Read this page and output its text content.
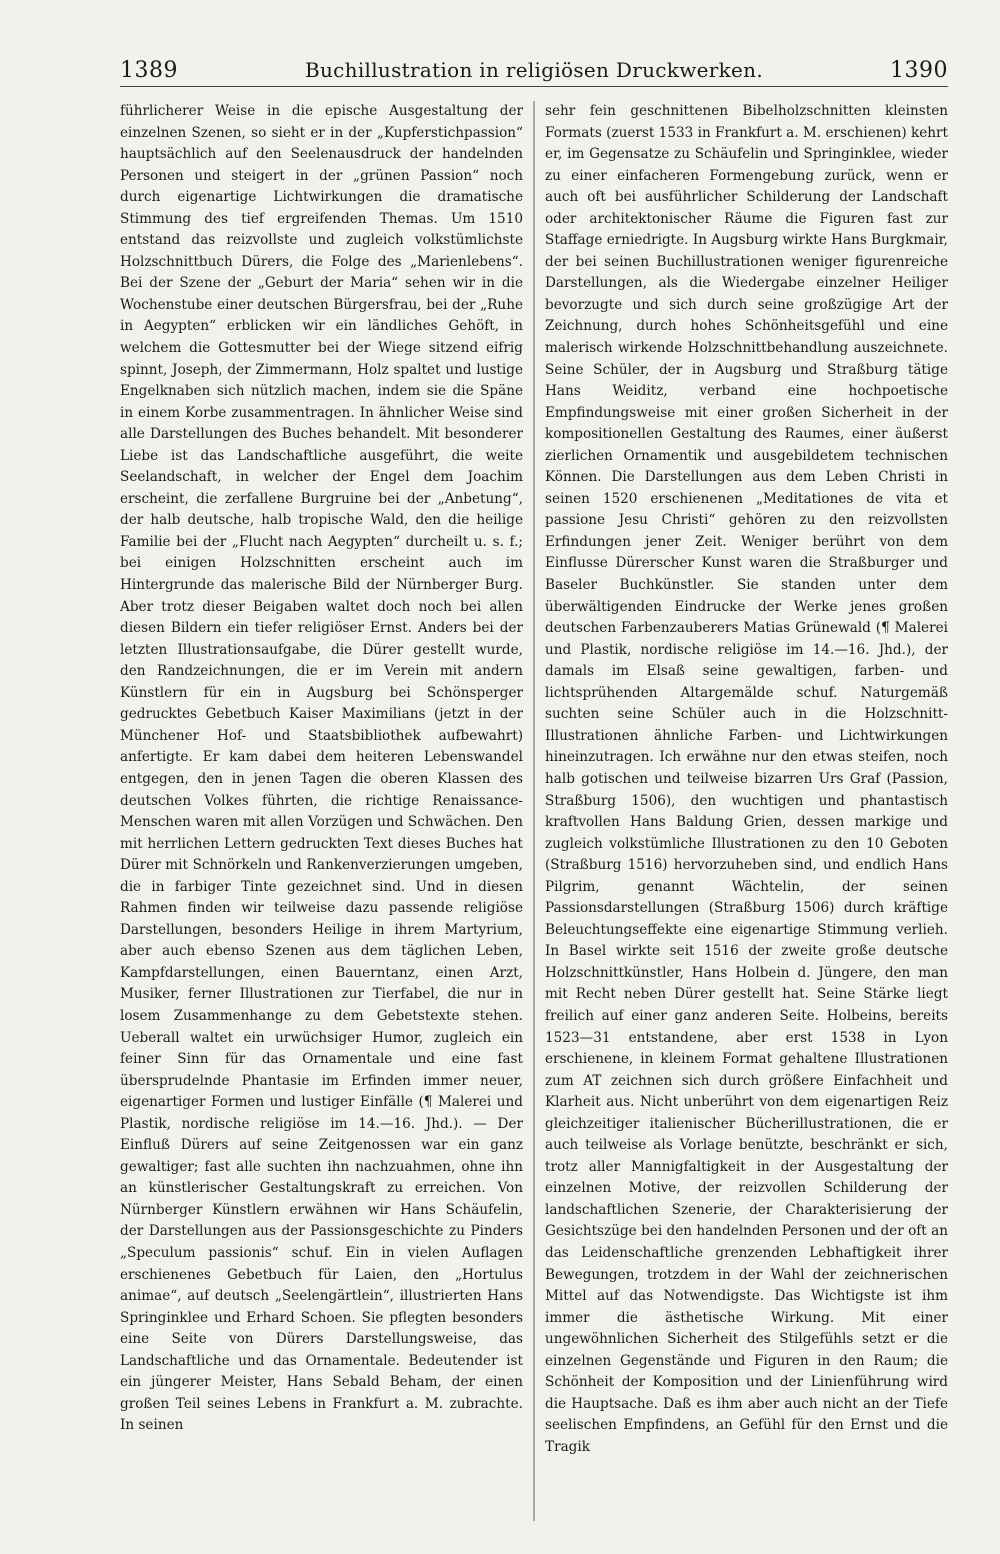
1389	Buchillustration in religiösen Druckwerken.	1390

führlicherer Weise in die epische Ausgestaltung der einzelnen Szenen, so sieht er in der „Kupferstichpassion“ hauptsächlich auf den Seelenausdruck der handelnden Personen und steigert in der „grünen Passion“ noch durch eigenartige Lichtwirkungen die dramatische Stimmung des tief ergreifenden Themas. Um 1510 entstand das reizvollste und zugleich volkstümlichste Holzschnittbuch Dürers, die Folge des „Marienlebens“. Bei der Szene der „Geburt der Maria“ sehen wir in die Wochenstube einer deutschen Bürgersfrau, bei der „Ruhe in Aegypten“ erblicken wir ein ländliches Gehöft, in welchem die Gottesmutter bei der Wiege sitzend eifrig spinnt, Joseph, der Zimmermann, Holz spaltet und lustige Engelknaben sich nützlich machen, indem sie die Späne in einem Korbe zusammentragen. In ähnlicher Weise sind alle Darstellungen des Buches behandelt. Mit besonderer Liebe ist das Landschaftliche ausgeführt, die weite Seelandschaft, in welcher der Engel dem Joachim erscheint, die zerfallene Burgruine bei der „Anbetung“, der halb deutsche, halb tropische Wald, den die heilige Familie bei der „Flucht nach Aegypten“ durcheilt u. s. f.; bei einigen Holzschnitten erscheint auch im Hintergrunde das malerische Bild der Nürnberger Burg. Aber trotz dieser Beigaben waltet doch noch bei allen diesen Bildern ein tiefer religiöser Ernst. Anders bei der letzten Illustrationsaufgabe, die Dürer gestellt wurde, den Randzeichnungen, die er im Verein mit andern Künstlern für ein in Augsburg bei Schönsperger gedrucktes Gebetbuch Kaiser Maximilians (jetzt in der Münchener Hof- und Staatsbibliothek aufbewahrt) anfertigte. Er kam dabei dem heiteren Lebenswandel entgegen, den in jenen Tagen die oberen Klassen des deutschen Volkes führten, die richtige Renaissance-Menschen waren mit allen Vorzügen und Schwächen. Den mit herrlichen Lettern gedruckten Text dieses Buches hat Dürer mit Schnörkeln und Rankenverzierungen umgeben, die in farbiger Tinte gezeichnet sind. Und in diesen Rahmen finden wir teilweise dazu passende religiöse Darstellungen, besonders Heilige in ihrem Martyrium, aber auch ebenso Szenen aus dem täglichen Leben, Kampfdarstellungen, einen Bauerntanz, einen Arzt, Musiker, ferner Illustrationen zur Tierfabel, die nur in losem Zusammenhange zu dem Gebetstexte stehen. Ueberall waltet ein urwüchsiger Humor, zugleich ein feiner Sinn für das Ornamentale und eine fast übersprudelnde Phantasie im Erfinden immer neuer, eigenartiger Formen und lustiger Einfälle (¶ Malerei und Plastik, nordische religiöse im 14.—16. Jhd.). — Der Einfluß Dürers auf seine Zeitgenossen war ein ganz gewaltiger; fast alle suchten ihn nachzuahmen, ohne ihn an künstlerischer Gestaltungskraft zu erreichen. Von Nürnberger Künstlern erwähnen wir Hans Schäufelin, der Darstellungen aus der Passionsgeschichte zu Pinders „Speculum passionis“ schuf. Ein in vielen Auflagen erschienenes Gebetbuch für Laien, den „Hortulus animae“, auf deutsch „Seelengärtlein“, illustrierten Hans Springinklee und Erhard Schoen. Sie pflegten besonders eine Seite von Dürers Darstellungsweise, das Landschaftliche und das Ornamentale. Bedeutender ist ein jüngerer Meister, Hans Sebald Beham, der einen großen Teil seines Lebens in Frankfurt a. M. zubrachte. In seinen

sehr fein geschnittenen Bibelholzschnitten kleinsten Formats (zuerst 1533 in Frankfurt a. M. erschienen) kehrt er, im Gegensatze zu Schäufelin und Springinklee, wieder zu einer einfacheren Formengebung zurück, wenn er auch oft bei ausführlicher Schilderung der Landschaft oder architektonischer Räume die Figuren fast zur Staffage erniedrigte. In Augsburg wirkte Hans Burgkmair, der bei seinen Buchillustrationen weniger figurenreiche Darstellungen, als die Wiedergabe einzelner Heiliger bevorzugte und sich durch seine großzügige Art der Zeichnung, durch hohes Schönheitsgefühl und eine malerisch wirkende Holzschnittbehandlung auszeichnete. Seine Schüler, der in Augsburg und Straßburg tätige Hans Weiditz, verband eine hochpoetische Empfindungsweise mit einer großen Sicherheit in der kompositionellen Gestaltung des Raumes, einer äußerst zierlichen Ornamentik und ausgebildetem technischen Können. Die Darstellungen aus dem Leben Christi in seinen 1520 erschienenen „Meditationes de vita et passione Jesu Christi“ gehören zu den reizvollsten Erfindungen jener Zeit. Weniger berührt von dem Einflusse Dürerscher Kunst waren die Straßburger und Baseler Buchkünstler. Sie standen unter dem überwältigenden Eindrucke der Werke jenes großen deutschen Farbenzauberers Matias Grünewald (¶ Malerei und Plastik, nordische religiöse im 14.—16. Jhd.), der damals im Elsaß seine gewaltigen, farben- und lichtsprühenden Altargemälde schuf. Naturgemäß suchten seine Schüler auch in die Holzschnitt-Illustrationen ähnliche Farben- und Lichtwirkungen hineinzutragen. Ich erwähne nur den etwas steifen, noch halb gotischen und teilweise bizarren Urs Graf (Passion, Straßburg 1506), den wuchtigen und phantastisch kraftvollen Hans Baldung Grien, dessen markige und zugleich volkstümliche Illustrationen zu den 10 Geboten (Straßburg 1516) hervorzuheben sind, und endlich Hans Pilgrim, genannt Wächtelin, der seinen Passionsdarstellungen (Straßburg 1506) durch kräftige Beleuchtungseffekte eine eigenartige Stimmung verlieh. In Basel wirkte seit 1516 der zweite große deutsche Holzschnittkünstler, Hans Holbein d. Jüngere, den man mit Recht neben Dürer gestellt hat. Seine Stärke liegt freilich auf einer ganz anderen Seite. Holbeins, bereits 1523—31 entstandene, aber erst 1538 in Lyon erschienene, in kleinem Format gehaltene Illustrationen zum AT zeichnen sich durch größere Einfachheit und Klarheit aus. Nicht unberührt von dem eigenartigen Reiz gleichzeitiger italienischer Bücherillustrationen, die er auch teilweise als Vorlage benützte, beschränkt er sich, trotz aller Mannigfaltigkeit in der Ausgestaltung der einzelnen Motive, der reizvollen Schilderung der landschaftlichen Szenerie, der Charakterisierung der Gesichtszüge bei den handelnden Personen und der oft an das Leidenschaftliche grenzenden Lebhaftigkeit ihrer Bewegungen, trotzdem in der Wahl der zeichnerischen Mittel auf das Notwendigste. Das Wichtigste ist ihm immer die ästhetische Wirkung. Mit einer ungewöhnlichen Sicherheit des Stilgefühls setzt er die einzelnen Gegenstände und Figuren in den Raum; die Schönheit der Komposition und der Linienführung wird die Hauptsache. Daß es ihm aber auch nicht an der Tiefe seelischen Empfindens, an Gefühl für den Ernst und die Tragik
